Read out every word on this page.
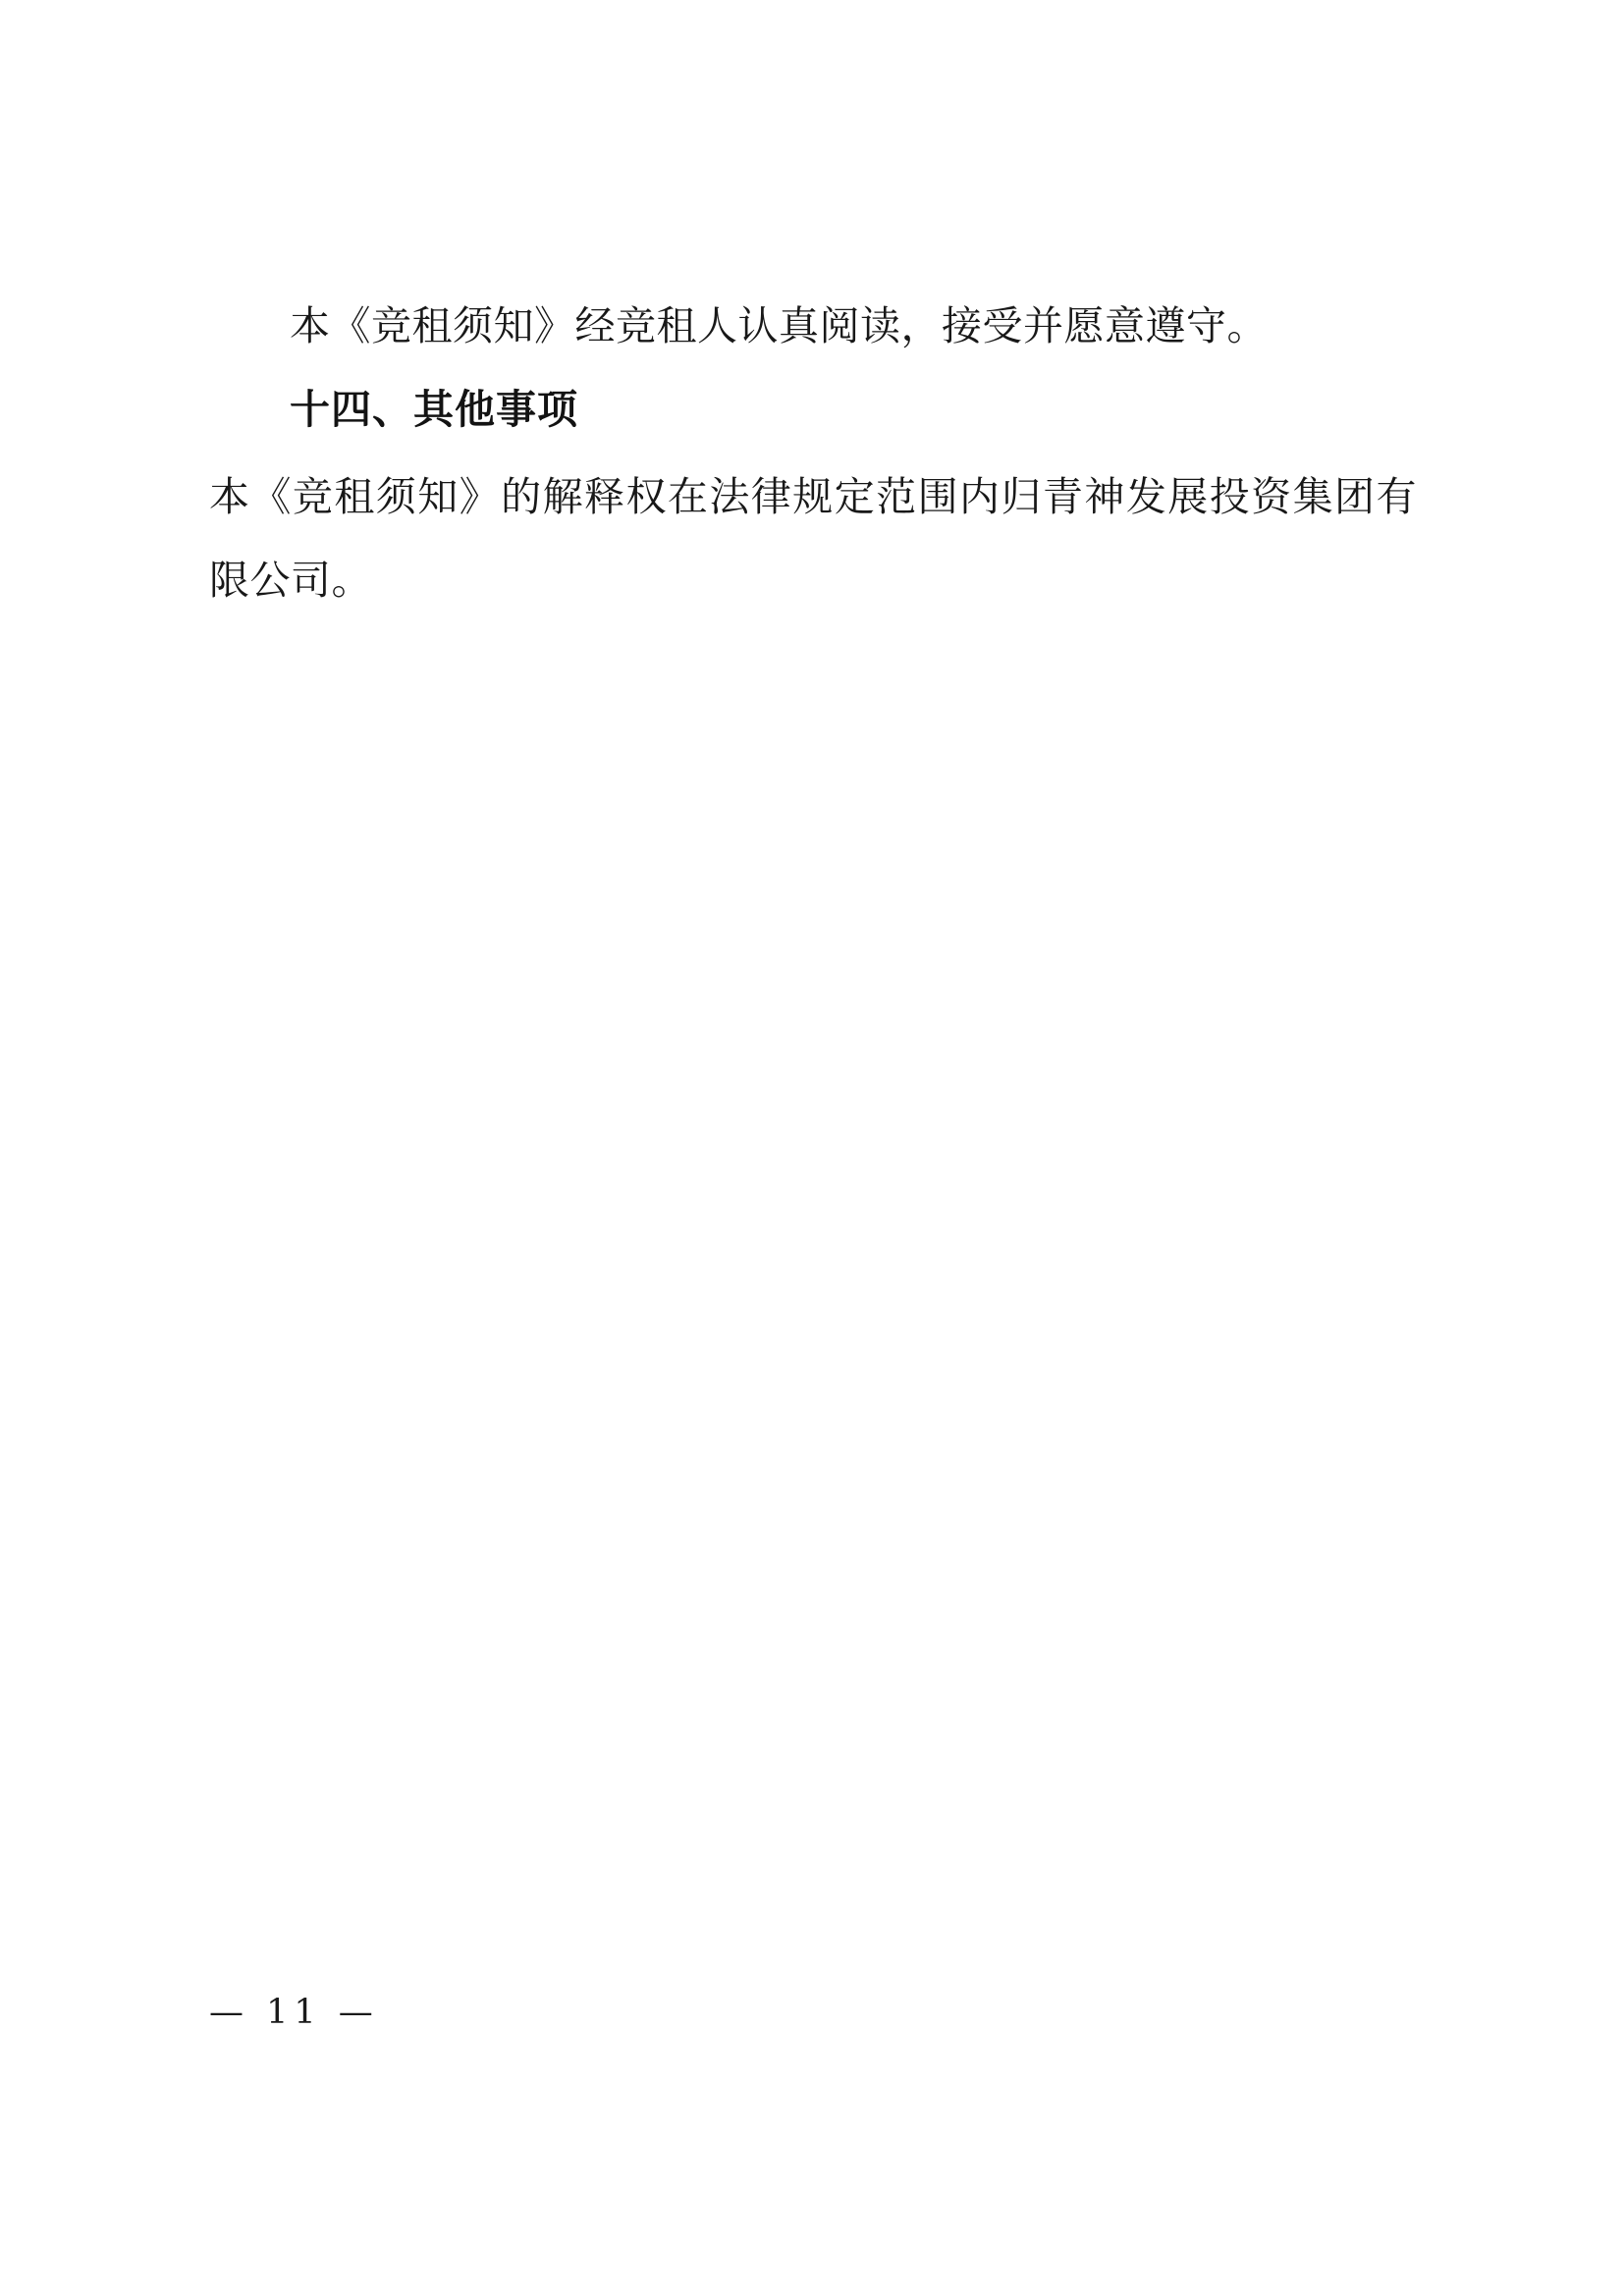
本《竞租须知》经竞租人认真阅读，接受并愿意遵守。

十四、其他事项

本《竞租须知》的解释权在法律规定范围内归青神发展投资集团有限公司。

— 11 —
